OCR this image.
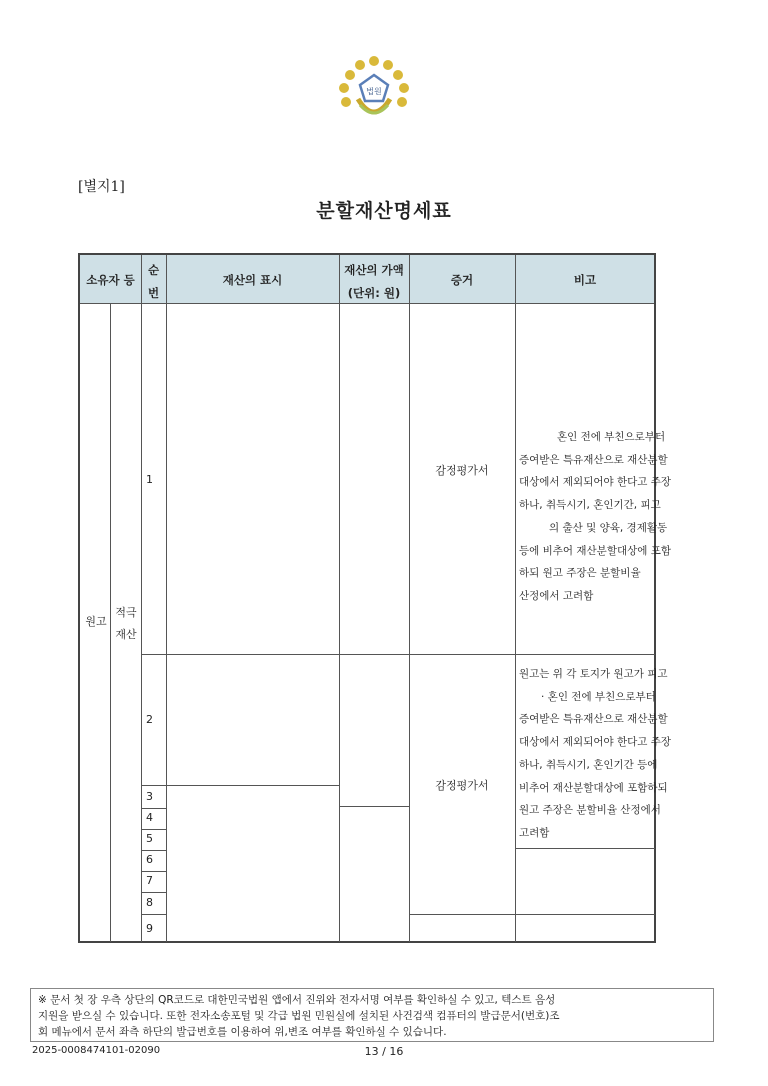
법원
[별지1]
분할재산명세표
소유자 등
순
번
재산의 표시
재산의 가액
(단위: 원)
증거	비고
원고
적극
재산
1
2
3
4
5
6
7
8
9
감정평가서
감정평가서
혼인 전에 부친으로부터
증여받은 특유재산으로 재산분할
대상에서 제외되어야 한다고 주장
하나, 취득시기, 혼인기간, 피고
의 출산 및 양육, 경제활동
등에 비추어 재산분할대상에 포함
하되 원고 주장은 분할비율
산정에서 고려함
원고는 위 각 토지가 원고가 피고
· 혼인 전에 부친으로부터
증여받은 특유재산으로 재산분할
대상에서 제외되어야 한다고 주장
하나, 취득시기, 혼인기간 등에
비추어 재산분할대상에 포함하되
원고 주장은 분할비율 산정에서
고려함
※ 문서 첫 장 우측 상단의 QR코드로 대한민국법원 앱에서 진위와 전자서명 여부를 확인하실 수 있고, 텍스트 음성
지원을 받으실 수 있습니다. 또한 전자소송포털 및 각급 법원 민원실에 설치된 사건검색 컴퓨터의 발급문서(번호)조
회 메뉴에서 문서 좌측 하단의 발급번호를 이용하여 위,변조 여부를 확인하실 수 있습니다.
2025-0008474101-02090	13 / 16
